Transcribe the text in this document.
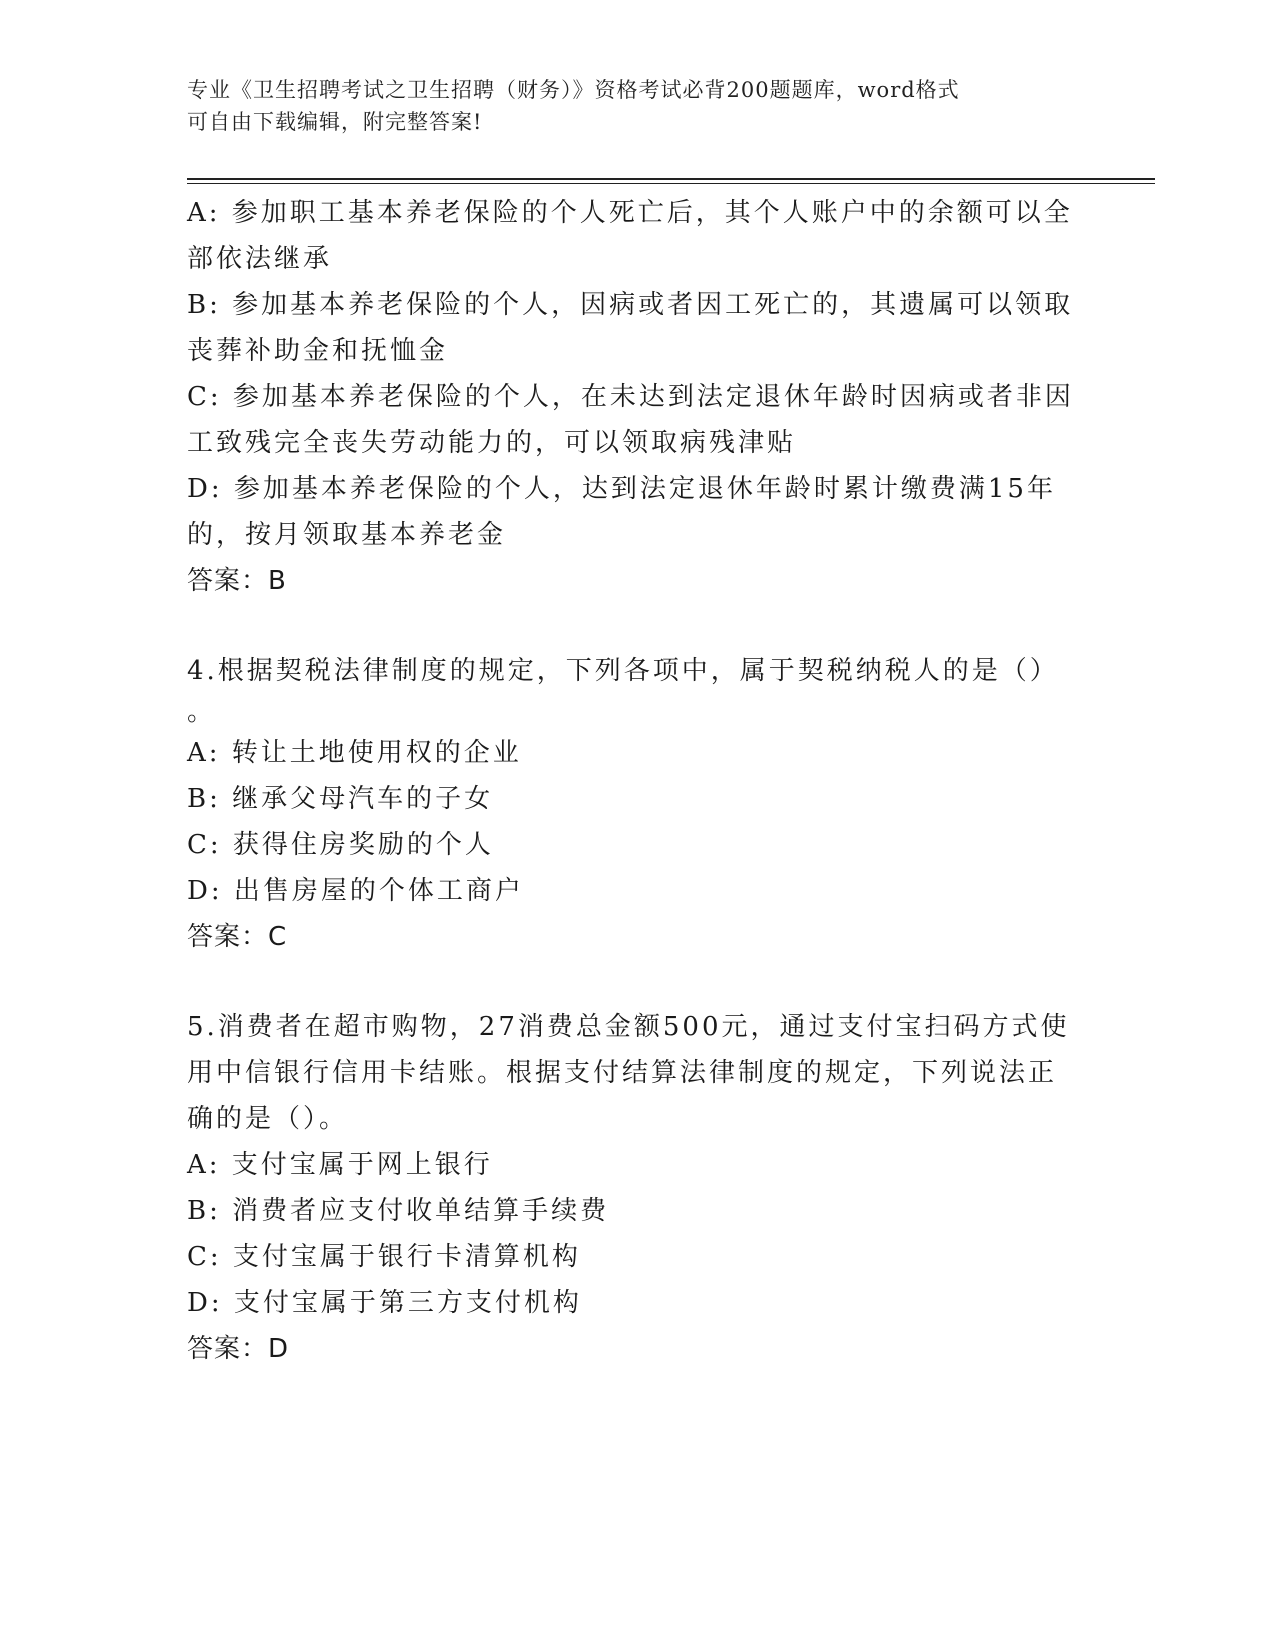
专业《卫生招聘考试之卫生招聘（财务）》资格考试必背200题题库，word格式
可自由下载编辑，附完整答案!
A: 参加职工基本养老保险的个人死亡后，其个人账户中的余额可以全
部依法继承
B: 参加基本养老保险的个人，因病或者因工死亡的，其遗属可以领取
丧葬补助金和抚恤金
C: 参加基本养老保险的个人，在未达到法定退休年龄时因病或者非因
工致残完全丧失劳动能力的，可以领取病残津贴
D: 参加基本养老保险的个人，达到法定退休年龄时累计缴费满15年
的，按月领取基本养老金
答案：B
4.根据契税法律制度的规定，下列各项中，属于契税纳税人的是（）
。
A: 转让土地使用权的企业
B: 继承父母汽车的子女
C: 获得住房奖励的个人
D: 出售房屋的个体工商户
答案：C
5.消费者在超市购物，27消费总金额500元，通过支付宝扫码方式使
用中信银行信用卡结账。根据支付结算法律制度的规定，下列说法正
确的是（）。
A: 支付宝属于网上银行
B: 消费者应支付收单结算手续费
C: 支付宝属于银行卡清算机构
D: 支付宝属于第三方支付机构
答案：D
